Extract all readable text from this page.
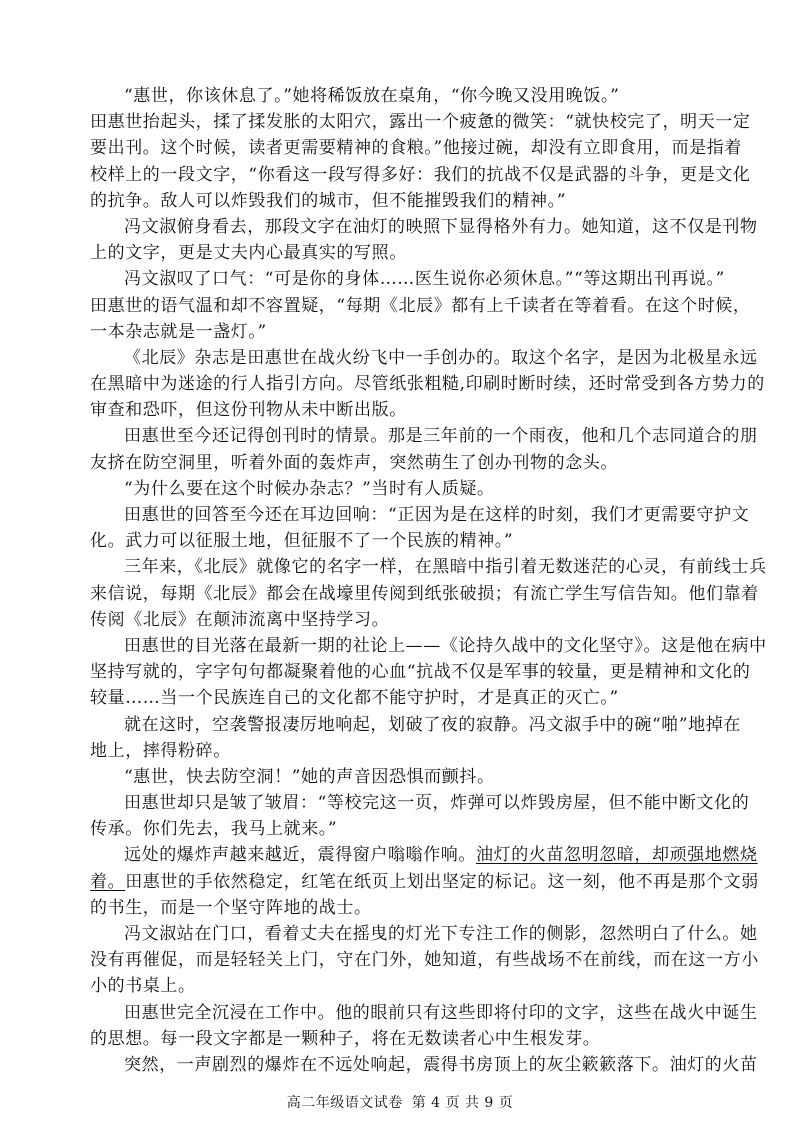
“惠世，你该休息了。”她将稀饭放在桌角，“你今晚又没用晚饭。”
田惠世抬起头，揉了揉发胀的太阳穴，露出一个疲惫的微笑：“就快校完了，明天一定
要出刊。这个时候，读者更需要精神的食粮。”他接过碗，却没有立即食用，而是指着
校样上的一段文字，“你看这一段写得多好：我们的抗战不仅是武器的斗争，更是文化
的抗争。敌人可以炸毁我们的城市，但不能摧毁我们的精神。”
冯文淑俯身看去，那段文字在油灯的映照下显得格外有力。她知道，这不仅是刊物
上的文字，更是丈夫内心最真实的写照。
冯文淑叹了口气：“可是你的身体……医生说你必须休息。”“等这期出刊再说。”
田惠世的语气温和却不容置疑，“每期《北辰》都有上千读者在等着看。在这个时候，
一本杂志就是一盏灯。”
《北辰》杂志是田惠世在战火纷飞中一手创办的。取这个名字，是因为北极星永远
在黑暗中为迷途的行人指引方向。尽管纸张粗糙,印刷时断时续，还时常受到各方势力的
审查和恐吓，但这份刊物从未中断出版。
田惠世至今还记得创刊时的情景。那是三年前的一个雨夜，他和几个志同道合的朋
友挤在防空洞里，听着外面的轰炸声，突然萌生了创办刊物的念头。
“为什么要在这个时候办杂志？”当时有人质疑。
田惠世的回答至今还在耳边回响：“正因为是在这样的时刻，我们才更需要守护文
化。武力可以征服土地，但征服不了一个民族的精神。”
三年来，《北辰》就像它的名字一样，在黑暗中指引着无数迷茫的心灵，有前线士兵
来信说，每期《北辰》都会在战壕里传阅到纸张破损；有流亡学生写信告知。他们靠着
传阅《北辰》在颠沛流离中坚持学习。
田惠世的目光落在最新一期的社论上——《论持久战中的文化坚守》。这是他在病中
坚持写就的，字字句句都凝聚着他的心血“抗战不仅是军事的较量，更是精神和文化的
较量……当一个民族连自己的文化都不能守护时，才是真正的灭亡。”
就在这时，空袭警报凄厉地响起，划破了夜的寂静。冯文淑手中的碗“啪”地掉在
地上，摔得粉碎。
“惠世，快去防空洞！”她的声音因恐惧而颤抖。
田惠世却只是皱了皱眉：“等校完这一页，炸弹可以炸毁房屋，但不能中断文化的
传承。你们先去，我马上就来。”
远处的爆炸声越来越近，震得窗户嗡嗡作响。油灯的火苗忽明忽暗，却顽强地燃烧
着。田惠世的手依然稳定，红笔在纸页上划出坚定的标记。这一刻，他不再是那个文弱
的书生，而是一个坚守阵地的战士。
冯文淑站在门口，看着丈夫在摇曳的灯光下专注工作的侧影，忽然明白了什么。她
没有再催促，而是轻轻关上门，守在门外，她知道，有些战场不在前线，而在这一方小
小的书桌上。
田惠世完全沉浸在工作中。他的眼前只有这些即将付印的文字，这些在战火中诞生
的思想。每一段文字都是一颗种子，将在无数读者心中生根发芽。
突然，一声剧烈的爆炸在不远处响起，震得书房顶上的灰尘簌簌落下。油灯的火苗
高二年级语文试卷 第 4 页 共 9 页
